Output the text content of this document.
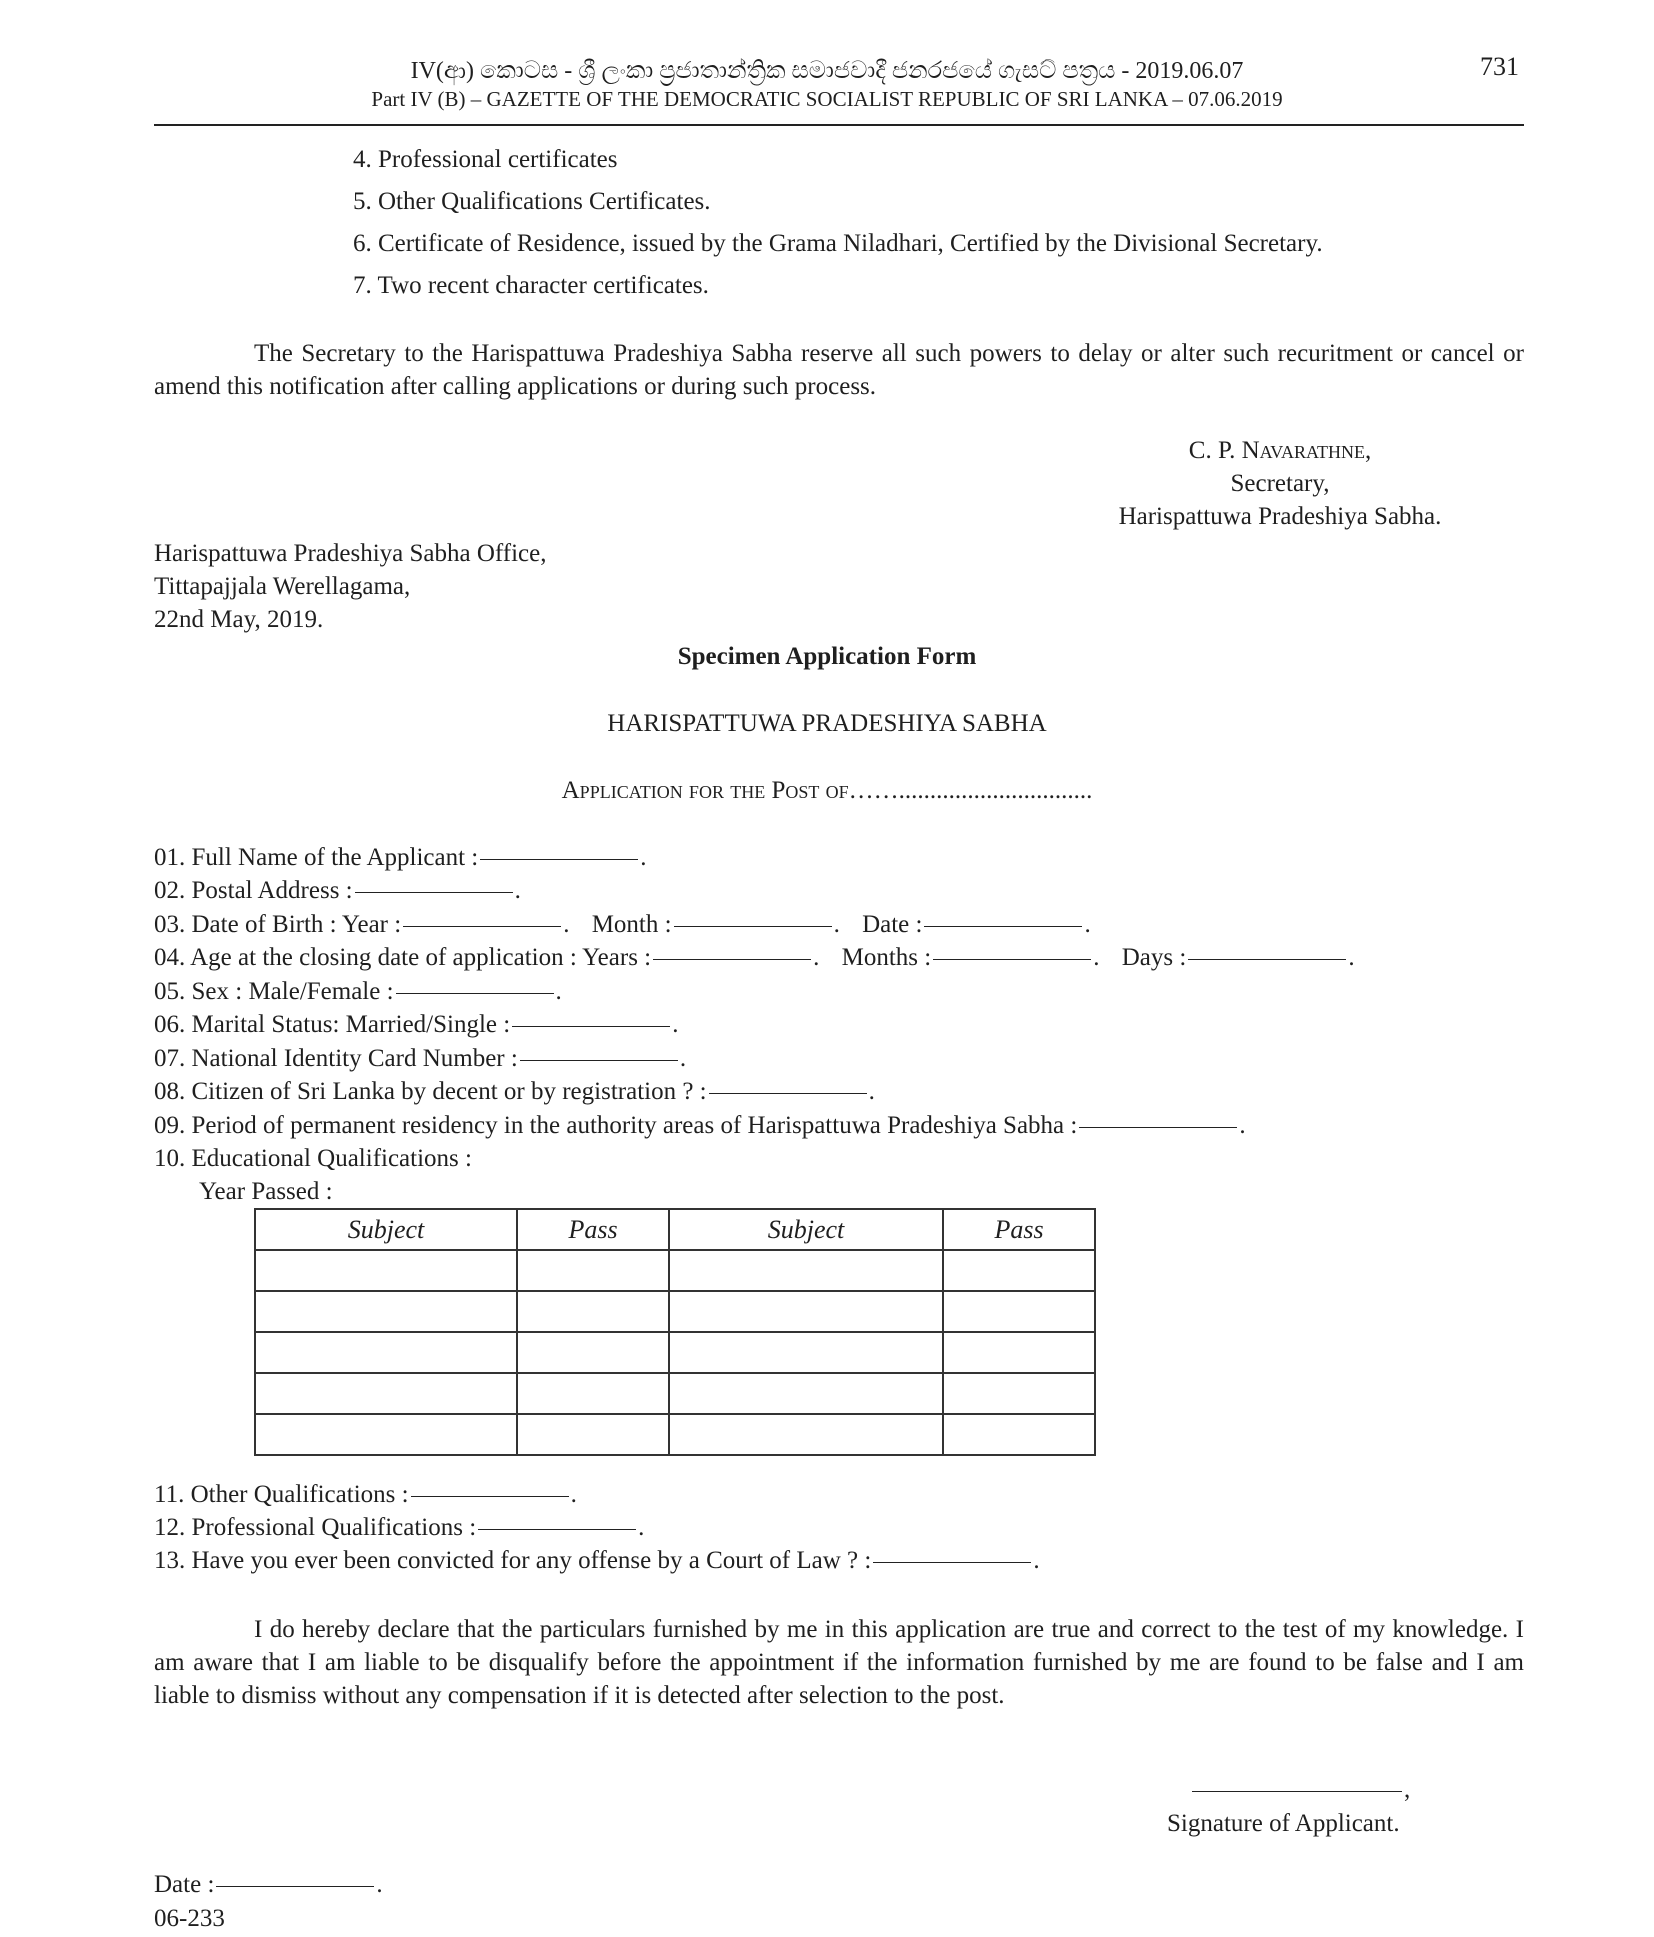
IV(ආ) කොටස - ශ්‍රී ලංකා ප්‍රජාතාන්ත්‍රික සමාජවාදී ජනරජයේ ගැසට් පත්‍රය - 2019.06.07
Part IV (B) – GAZETTE OF THE DEMOCRATIC SOCIALIST REPUBLIC OF SRI LANKA – 07.06.2019
731
4. Professional certificates
5. Other Qualifications Certificates.
6. Certificate of Residence, issued by the Grama Niladhari, Certified by the Divisional Secretary.
7. Two recent character certificates.
The Secretary to the Harispattuwa Pradeshiya Sabha reserve all such powers to delay or alter such recuritment or cancel or amend this notification after calling applications or during such process.
C. P. Navarathne,
Secretary,
Harispattuwa Pradeshiya Sabha.
Harispattuwa Pradeshiya Sabha Office,
Tittapajjala Werellagama,
22nd May, 2019.
Specimen Application Form
HARISPATTUWA PRADESHIYA SABHA
Application for the Post of……...............................
01. Full Name of the Applicant :	.
02. Postal Address :	.
03. Date of Birth : Year :	. Month :	. Date :	.
04. Age at the closing date of application : Years :	. Months :	. Days :	.
05. Sex : Male/Female :	.
06. Marital Status: Married/Single :	.
07. National Identity Card Number :	.
08. Citizen of Sri Lanka by decent or by registration ? :	.
09. Period of permanent residency in the authority areas of Harispattuwa Pradeshiya Sabha :	.
10. Educational Qualifications :
Year Passed :
Subject	Pass	Subject	Pass

11. Other Qualifications :	.
12. Professional Qualifications :	.
13. Have you ever been convicted for any offense by a Court of Law ? :	.
I do hereby declare that the particulars furnished by me in this application are true and correct to the test of my knowledge. I am aware that I am liable to be disqualify before the appointment if the information furnished by me are found to be false and I am liable to dismiss without any compensation if it is detected after selection to the post.
,
Signature of Applicant.
Date :	.
06-233
